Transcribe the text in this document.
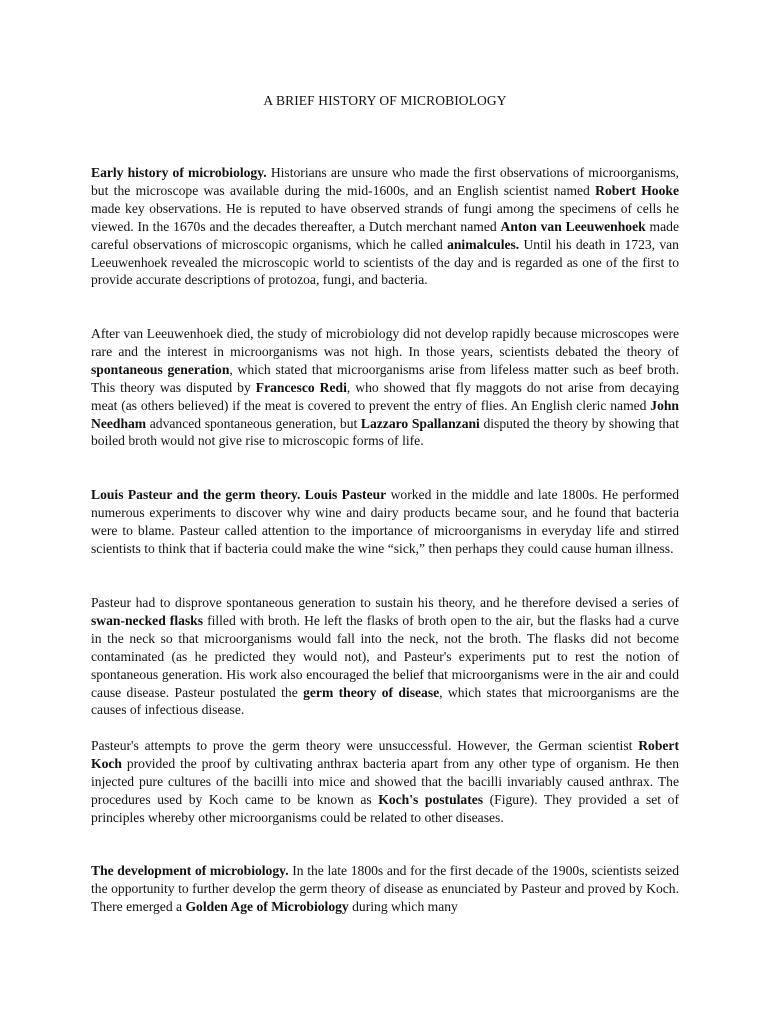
A BRIEF HISTORY OF MICROBIOLOGY

Early history of microbiology. Historians are unsure who made the first observations of microorganisms, but the microscope was available during the mid-1600s, and an English scientist named Robert Hooke made key observations. He is reputed to have observed strands of fungi among the specimens of cells he viewed. In the 1670s and the decades thereafter, a Dutch merchant named Anton van Leeuwenhoek made careful observations of microscopic organisms, which he called animalcules. Until his death in 1723, van Leeuwenhoek revealed the microscopic world to scientists of the day and is regarded as one of the first to provide accurate descriptions of protozoa, fungi, and bacteria.

After van Leeuwenhoek died, the study of microbiology did not develop rapidly because microscopes were rare and the interest in microorganisms was not high. In those years, scientists debated the theory of spontaneous generation, which stated that microorganisms arise from lifeless matter such as beef broth. This theory was disputed by Francesco Redi, who showed that fly maggots do not arise from decaying meat (as others believed) if the meat is covered to prevent the entry of flies. An English cleric named John Needham advanced spontaneous generation, but Lazzaro Spallanzani disputed the theory by showing that boiled broth would not give rise to microscopic forms of life.

Louis Pasteur and the germ theory. Louis Pasteur worked in the middle and late 1800s. He performed numerous experiments to discover why wine and dairy products became sour, and he found that bacteria were to blame. Pasteur called attention to the importance of microorganisms in everyday life and stirred scientists to think that if bacteria could make the wine “sick,” then perhaps they could cause human illness.

Pasteur had to disprove spontaneous generation to sustain his theory, and he therefore devised a series of swan-necked flasks filled with broth. He left the flasks of broth open to the air, but the flasks had a curve in the neck so that microorganisms would fall into the neck, not the broth. The flasks did not become contaminated (as he predicted they would not), and Pasteur's experiments put to rest the notion of spontaneous generation. His work also encouraged the belief that microorganisms were in the air and could cause disease. Pasteur postulated the germ theory of disease, which states that microorganisms are the causes of infectious disease.

Pasteur's attempts to prove the germ theory were unsuccessful. However, the German scientist Robert Koch provided the proof by cultivating anthrax bacteria apart from any other type of organism. He then injected pure cultures of the bacilli into mice and showed that the bacilli invariably caused anthrax. The procedures used by Koch came to be known as Koch's postulates (Figure). They provided a set of principles whereby other microorganisms could be related to other diseases.

The development of microbiology. In the late 1800s and for the first decade of the 1900s, scientists seized the opportunity to further develop the germ theory of disease as enunciated by Pasteur and proved by Koch. There emerged a Golden Age of Microbiology during which many
